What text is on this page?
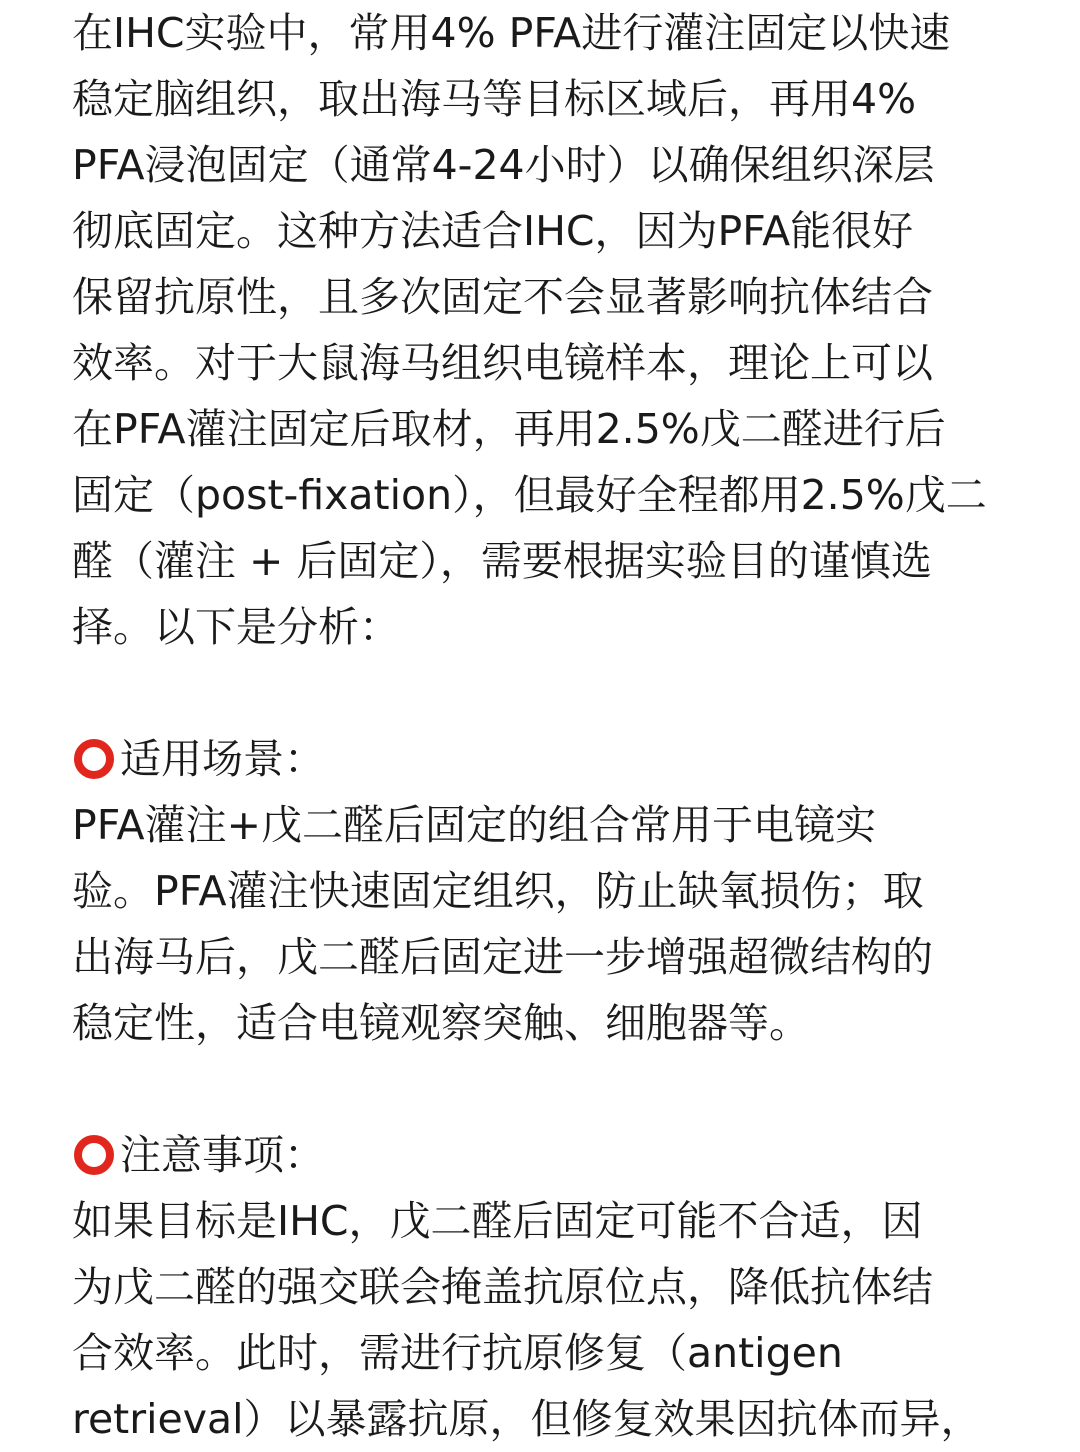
在IHC实验中，常用4% PFA进行灌注固定以快速
稳定脑组织，取出海马等目标区域后，再用4%
PFA浸泡固定（通常4-24小时）以确保组织深层
彻底固定。这种方法适合IHC，因为PFA能很好
保留抗原性，且多次固定不会显著影响抗体结合
效率。对于大鼠海马组织电镜样本，理论上可以
在PFA灌注固定后取材，再用2.5%戊二醛进行后
固定（post-fixation），但最好全程都用2.5%戊二
醛（灌注 + 后固定），需要根据实验目的谨慎选
择。以下是分析：
适用场景：
PFA灌注+戊二醛后固定的组合常用于电镜实
验。PFA灌注快速固定组织，防止缺氧损伤；取
出海马后，戊二醛后固定进一步增强超微结构的
稳定性，适合电镜观察突触、细胞器等。
注意事项：
如果目标是IHC，戊二醛后固定可能不合适，因
为戊二醛的强交联会掩盖抗原位点，降低抗体结
合效率。此时，需进行抗原修复（antigen
retrieval）以暴露抗原，但修复效果因抗体而异，
